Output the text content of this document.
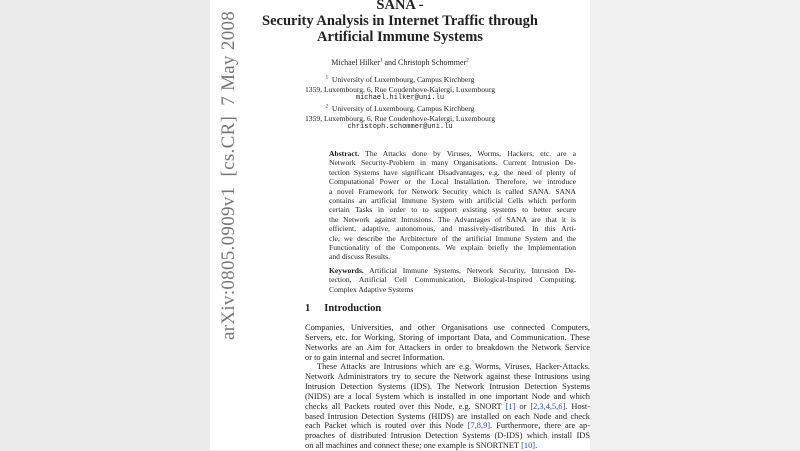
SANA -
Security Analysis in Internet Traffic through
Artificial Immune Systems
Michael Hilker$^1$ and Christoph Schommer$^2$
$^1$ University of Luxembourg, Campus Kirchberg
1359, Luxembourg, 6, Rue Coudenhove-Kalergi, Luxembourg
michael.hilker@uni.lu
$^2$ University of Luxembourg, Campus Kirchberg
1359, Luxembourg, 6, Rue Coudenhove-Kalergi, Luxembourg
christoph.schommer@uni.lu
Abstract. The Attacks done by Viruses, Worms, Hackers, etc. are a
Network Security-Problem in many Organisations. Current Intrusion De-
tection Systems have significant Disadvantages, e.g. the need of plenty of
Computational Power or the Local Installation. Therefore, we introduce
a novel Framework for Network Security which is called SANA. SANA
contains an artificial Immune System with artificial Cells which perform
certain Tasks in order to to support existing systems to better secure
the Network against Intrusions. The Advantages of SANA are that it is
efficient, adaptive, autonomous, and massively-distributed. In this Arti-
cle, we describe the Architecture of the artificial Immune System and the
Functionality of the Components. We explain briefly the Implementation
and discuss Results.
Keywords. Artificial Immune Systems, Network Security, Intrusion De-
tection, Artificial Cell Communication, Biological-Inspired Computing,
Complex Adaptive Systems
1 Introduction
Companies, Universities, and other Organisations use connected Computers,
Servers, etc. for Working, Storing of important Data, and Communication. These
Networks are an Aim for Attackers in order to breakdown the Network Service
or to gain internal and secret Information.
These Attacks are Intrusions which are e.g. Worms, Viruses, Hacker-Attacks.
Network Administrators try to secure the Network against these Intrusions using
Intrusion Detection Systems (IDS). The Network Intrusion Detection Systems
(NIDS) are a local System which is installed in one important Node and which
checks all Packets routed over this Node, e.g. SNORT [1] or [2,3,4,5,6]. Host-
based Intrusion Detection Systems (HIDS) are installed on each Node and check
each Packet which is routed over this Node [7,8,9]. Furthermore, there are ap-
proaches of distributed Intrusion Detection Systems (D-IDS) which install IDS
on all machines and connect these; one example is SNORTNET [10].
arXiv:0805.0909v1  [cs.CR]  7 May 2008
